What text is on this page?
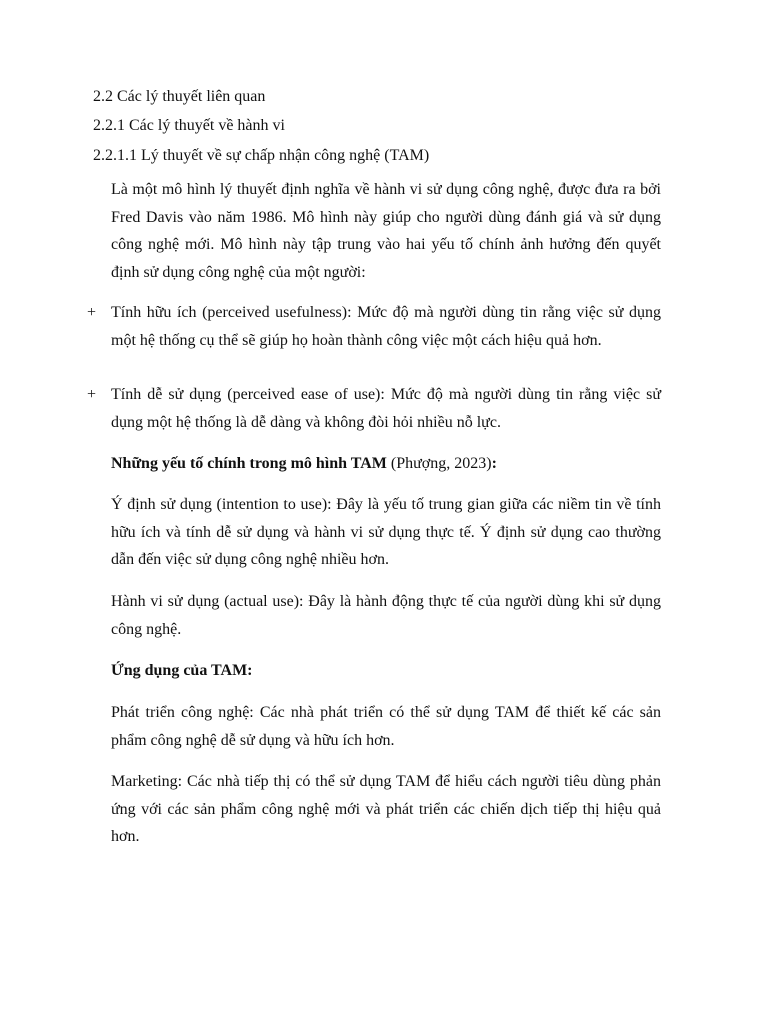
2.2 Các lý thuyết liên quan

2.2.1 Các lý thuyết về hành vi

2.2.1.1 Lý thuyết về sự chấp nhận công nghệ (TAM)

Là một mô hình lý thuyết định nghĩa về hành vi sử dụng công nghệ, được đưa ra bởi Fred Davis vào năm 1986. Mô hình này giúp cho người dùng đánh giá và sử dụng công nghệ mới. Mô hình này tập trung vào hai yếu tố chính ảnh hưởng đến quyết định sử dụng công nghệ của một người:

+ Tính hữu ích (perceived usefulness): Mức độ mà người dùng tin rằng việc sử dụng một hệ thống cụ thể sẽ giúp họ hoàn thành công việc một cách hiệu quả hơn.

+ Tính dễ sử dụng (perceived ease of use): Mức độ mà người dùng tin rằng việc sử dụng một hệ thống là dễ dàng và không đòi hỏi nhiều nỗ lực.

Những yếu tố chính trong mô hình TAM (Phượng, 2023):

Ý định sử dụng (intention to use): Đây là yếu tố trung gian giữa các niềm tin về tính hữu ích và tính dễ sử dụng và hành vi sử dụng thực tế. Ý định sử dụng cao thường dẫn đến việc sử dụng công nghệ nhiều hơn.

Hành vi sử dụng (actual use): Đây là hành động thực tế của người dùng khi sử dụng công nghệ.

Ứng dụng của TAM:

Phát triển công nghệ: Các nhà phát triển có thể sử dụng TAM để thiết kế các sản phẩm công nghệ dễ sử dụng và hữu ích hơn.

Marketing: Các nhà tiếp thị có thể sử dụng TAM để hiểu cách người tiêu dùng phản ứng với các sản phẩm công nghệ mới và phát triển các chiến dịch tiếp thị hiệu quả hơn.
